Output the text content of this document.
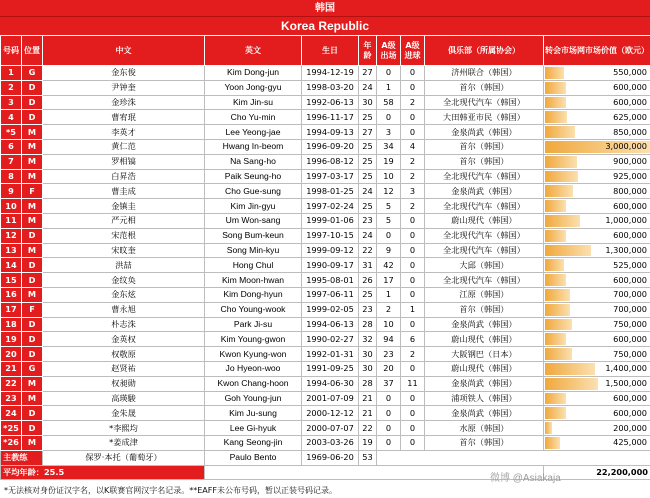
韩国
Korea Republic
号码	位置	中文	英文	生日	年龄	A级出场	A级进球	俱乐部（所属协会）	转会市场网市场价值（欧元）
1	G	金东俊	Kim Dong-jun	1994-12-19	27	0	0	济州联合（韩国）	550,000
2	D	尹钟奎	Yoon Jong-gyu	1998-03-20	24	1	0	首尔（韩国）	600,000
3	D	金珍洙	Kim Jin-su	1992-06-13	30	58	2	全北现代汽车（韩国）	600,000
4	D	曹宥珉	Cho Yu-min	1996-11-17	25	0	0	大田韩亚市民（韩国）	625,000
*5	M	李英才	Lee Yeong-jae	1994-09-13	27	3	0	金泉尚武（韩国）	850,000
6	M	黄仁范	Hwang In-beom	1996-09-20	25	34	4	首尔（韩国）	3,000,000
7	M	罗相镐	Na Sang-ho	1996-08-12	25	19	2	首尔（韩国）	900,000
8	M	白昇浩	Paik Seung-ho	1997-03-17	25	10	2	全北现代汽车（韩国）	925,000
9	F	曹圭成	Cho Gue-sung	1998-01-25	24	12	3	金泉尚武（韩国）	800,000
10	M	金镇圭	Kim Jin-gyu	1997-02-24	25	5	2	全北现代汽车（韩国）	600,000
11	M	严元相	Um Won-sang	1999-01-06	23	5	0	蔚山现代（韩国）	1,000,000
12	D	宋范根	Song Bum-keun	1997-10-15	24	0	0	全北现代汽车（韩国）	600,000
13	M	宋旼奎	Song Min-kyu	1999-09-12	22	9	0	全北现代汽车（韩国）	1,300,000
14	D	洪喆	Hong Chul	1990-09-17	31	42	0	大邱（韩国）	525,000
15	D	金纹奂	Kim Moon-hwan	1995-08-01	26	17	0	全北现代汽车（韩国）	600,000
16	M	金东炫	Kim Dong-hyun	1997-06-11	25	1	0	江原（韩国）	700,000
17	F	曹永旭	Cho Young-wook	1999-02-05	23	2	1	首尔（韩国）	700,000
18	D	朴志洙	Park Ji-su	1994-06-13	28	10	0	金泉尚武（韩国）	750,000
19	D	金英权	Kim Young-gwon	1990-02-27	32	94	6	蔚山现代（韩国）	600,000
20	D	权敬原	Kwon Kyung-won	1992-01-31	30	23	2	大阪钢巴（日本）	750,000
21	G	赵贤祐	Jo Hyeon-woo	1991-09-25	30	20	0	蔚山现代（韩国）	1,400,000
22	M	权昶勋	Kwon Chang-hoon	1994-06-30	28	37	11	金泉尚武（韩国）	1,500,000
23	M	高瑛駿	Goh Young-jun	2001-07-09	21	0	0	浦项铁人（韩国）	600,000
24	D	金朱晟	Kim Ju-sung	2000-12-12	21	0	0	金泉尚武（韩国）	600,000
*25	D	*李熙均	Lee Gi-hyuk	2000-07-07	22	0	0	水原（韩国）	200,000
*26	M	*姜成津	Kang Seong-jin	2003-03-26	19	0	0	首尔（韩国）	425,000
主教练		保罗·本托（葡萄牙）	Paulo Bento	1969-06-20	53				
平均年龄：25.5									22,200,000
微博 @Asiakaja
*无法核对身份证汉字名，以K联赛官网汉字名记录。**EAFF未公布号码，暂以正装号码记录。
